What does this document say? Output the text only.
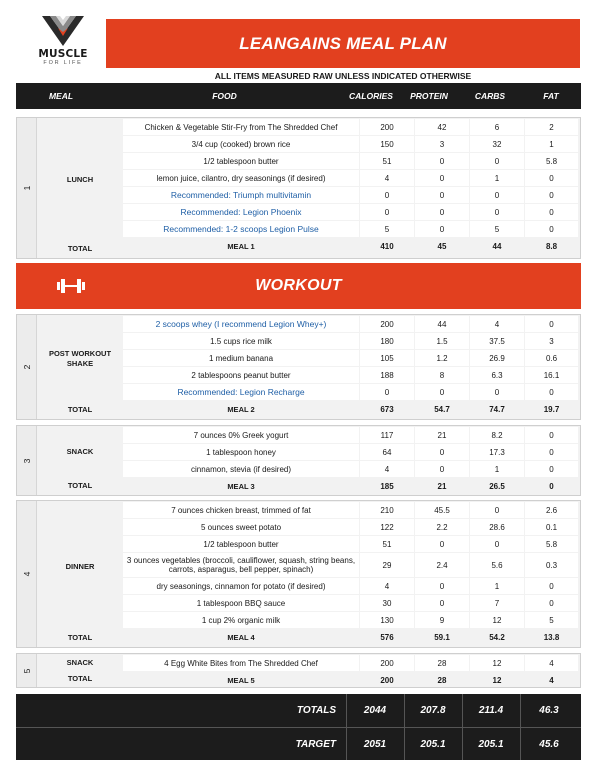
MUSCLE
FOR LIFE
LEANGAINS MEAL PLAN
ALL ITEMS MEASURED RAW UNLESS INDICATED OTHERWISE
MEAL	FOOD	CALORIES	PROTEIN	CARBS	FAT
1
LUNCH
Chicken & Vegetable Stir-Fry from The Shredded Chef	200	42	6	2
3/4 cup (cooked) brown rice	150	3	32	1
1/2 tablespoon butter	51	0	0	5.8
lemon juice, cilantro, dry seasonings (if desired)	4	0	1	0
Recommended: Triumph multivitamin	0	0	0	0
Recommended: Legion Phoenix	0	0	0	0
Recommended: 1-2 scoops Legion Pulse	5	0	5	0
TOTAL	MEAL 1	410	45	44	8.8
2
POST WORKOUT SHAKE
2 scoops whey (I recommend Legion Whey+)	200	44	4	0
1.5 cups rice milk	180	1.5	37.5	3
1 medium banana	105	1.2	26.9	0.6
2 tablespoons peanut butter	188	8	6.3	16.1
Recommended: Legion Recharge	0	0	0	0
TOTAL	MEAL 2	673	54.7	74.7	19.7
3
SNACK
7 ounces 0% Greek yogurt	117	21	8.2	0
1 tablespoon honey	64	0	17.3	0
cinnamon, stevia (if desired)	4	0	1	0
TOTAL	MEAL 3	185	21	26.5	0
4
DINNER
7 ounces chicken breast, trimmed of fat	210	45.5	0	2.6
5 ounces sweet potato	122	2.2	28.6	0.1
1/2 tablespoon butter	51	0	0	5.8
3 ounces vegetables (broccoli, cauliflower, squash, string beans, carrots, asparagus, bell pepper, spinach)	29	2.4	5.6	0.3
dry seasonings, cinnamon for potato (if desired)	4	0	1	0
1 tablespoon BBQ sauce	30	0	7	0
1 cup 2% organic milk	130	9	12	5
TOTAL	MEAL 4	576	59.1	54.2	13.8
5
SNACK	4 Egg White Bites from The Shredded Chef	200	28	12	4
TOTAL	MEAL 5	200	28	12	4
WORKOUT
TOTALS	2044	207.8	211.4	46.3
TARGET	2051	205.1	205.1	45.6
